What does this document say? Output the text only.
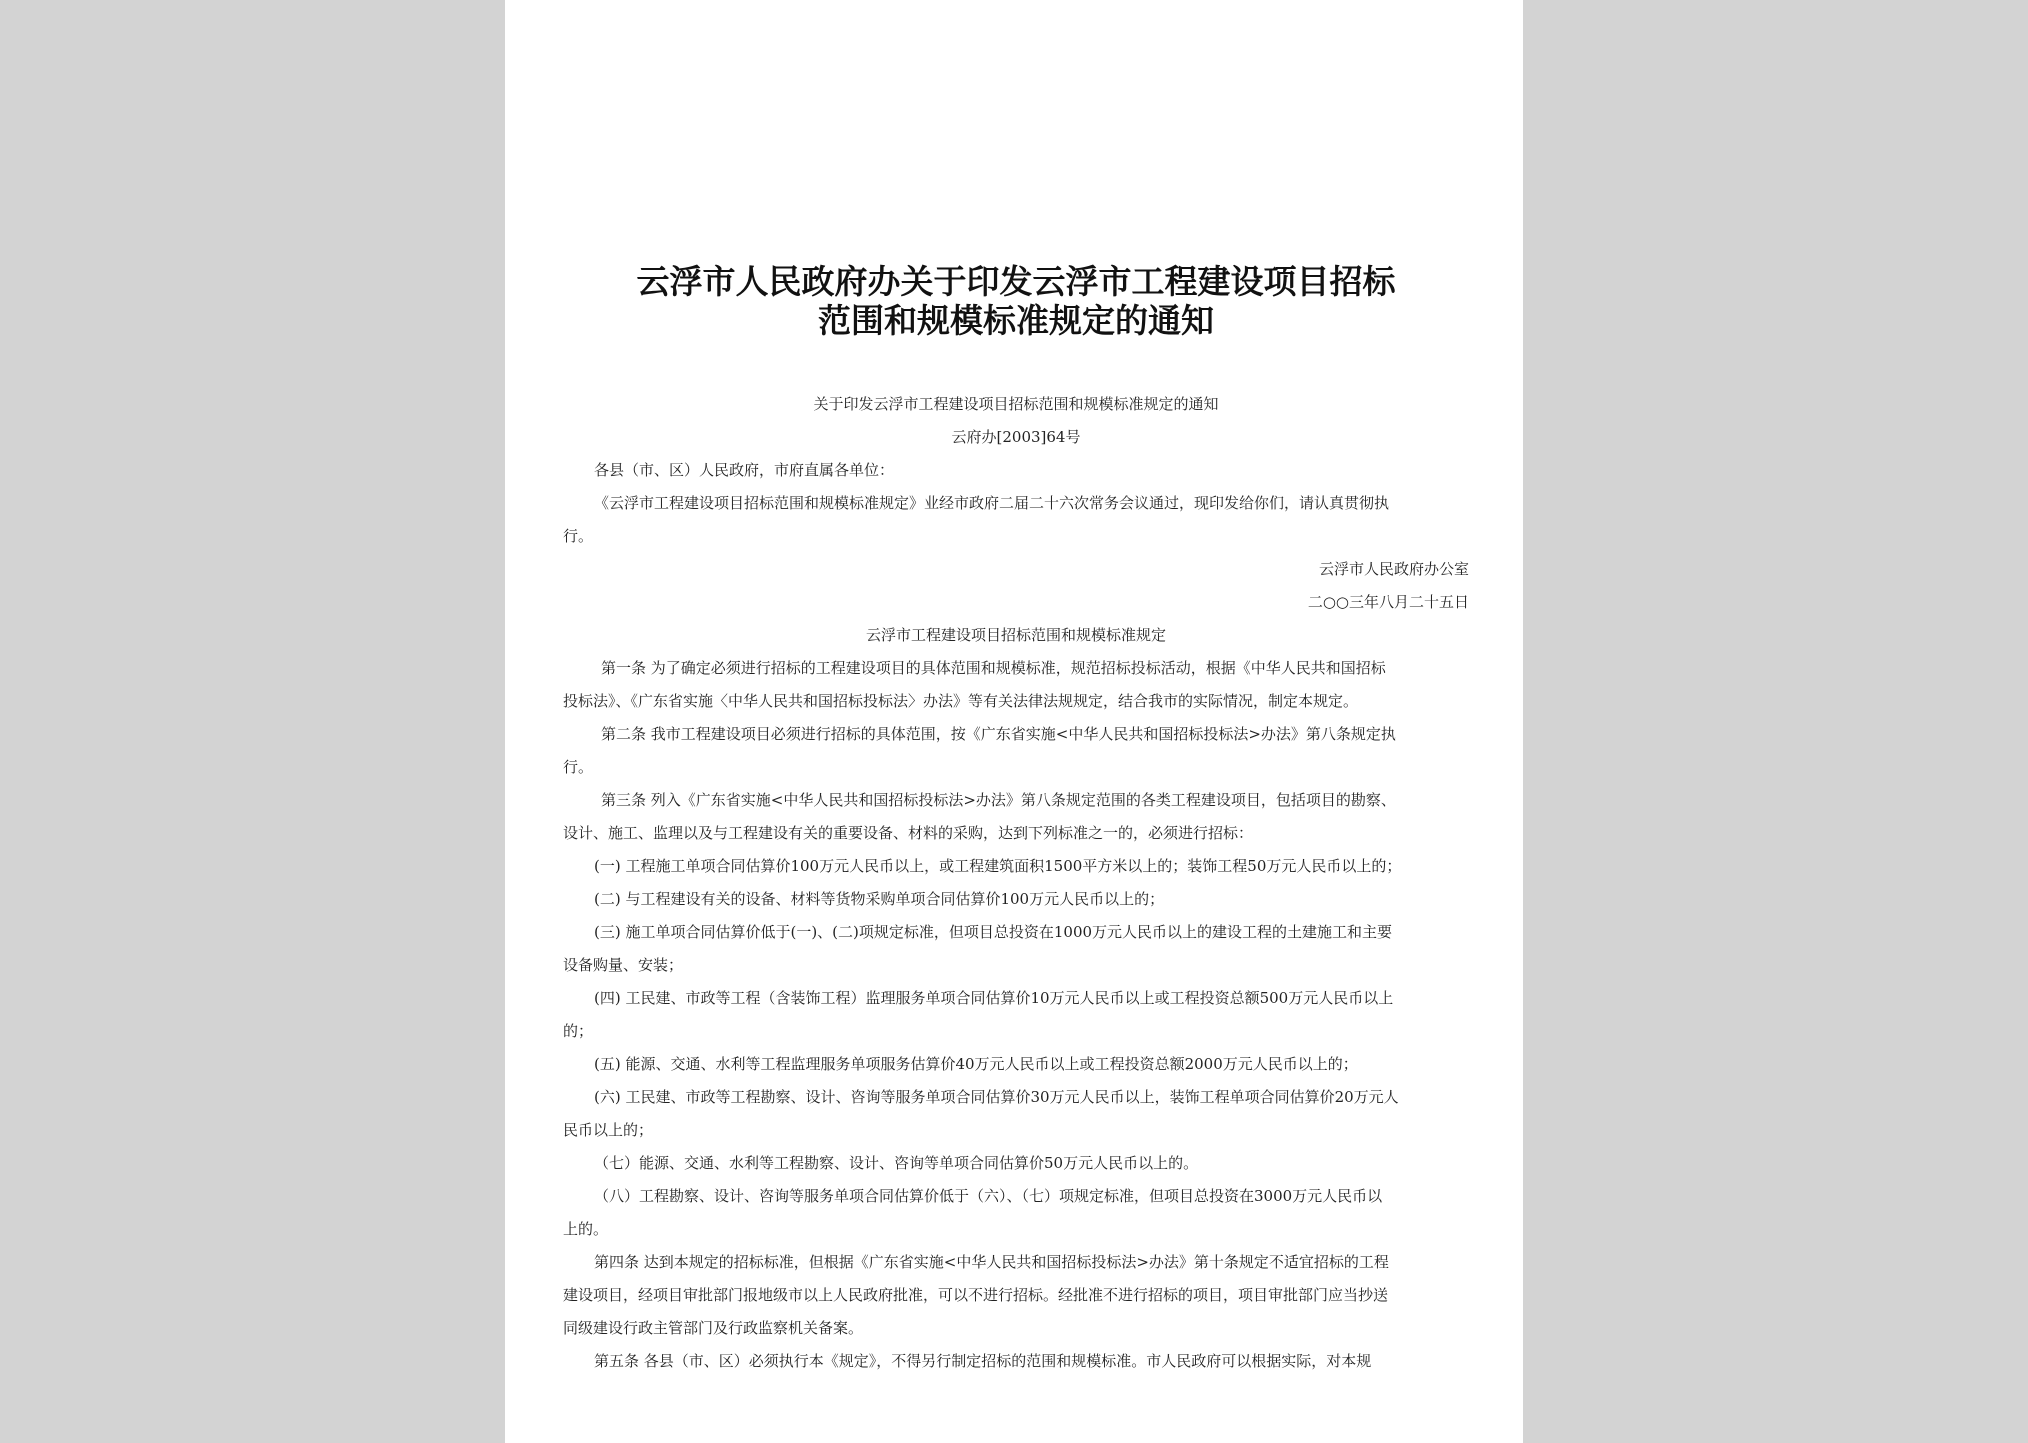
云浮市人民政府办关于印发云浮市工程建设项目招标

范围和规模标准规定的通知

关于印发云浮市工程建设项目招标范围和规模标准规定的通知

云府办[2003]64号

各县（市、区）人民政府，市府直属各单位：

《云浮市工程建设项目招标范围和规模标准规定》业经市政府二届二十六次常务会议通过，现印发给你们，请认真贯彻执

行。

云浮市人民政府办公室

二○○三年八月二十五日

云浮市工程建设项目招标范围和规模标准规定

第一条 为了确定必须进行招标的工程建设项目的具体范围和规模标准，规范招标投标活动，根据《中华人民共和国招标

投标法》、《广东省实施〈中华人民共和国招标投标法〉办法》等有关法律法规规定，结合我市的实际情况，制定本规定。

第二条 我市工程建设项目必须进行招标的具体范围，按《广东省实施<中华人民共和国招标投标法>办法》第八条规定执

行。

第三条 列入《广东省实施<中华人民共和国招标投标法>办法》第八条规定范围的各类工程建设项目，包括项目的勘察、

设计、施工、监理以及与工程建设有关的重要设备、材料的采购，达到下列标准之一的，必须进行招标：

(一) 工程施工单项合同估算价100万元人民币以上，或工程建筑面积1500平方米以上的；装饰工程50万元人民币以上的；

(二) 与工程建设有关的设备、材料等货物采购单项合同估算价100万元人民币以上的；

(三) 施工单项合同估算价低于(一)、(二)项规定标准，但项目总投资在1000万元人民币以上的建设工程的土建施工和主要

设备购量、安装；

(四) 工民建、市政等工程（含装饰工程）监理服务单项合同估算价10万元人民币以上或工程投资总额500万元人民币以上

的；

(五) 能源、交通、水利等工程监理服务单项服务估算价40万元人民币以上或工程投资总额2000万元人民币以上的；

(六) 工民建、市政等工程勘察、设计、咨询等服务单项合同估算价30万元人民币以上，装饰工程单项合同估算价20万元人

民币以上的；

（七）能源、交通、水利等工程勘察、设计、咨询等单项合同估算价50万元人民币以上的。

（八）工程勘察、设计、咨询等服务单项合同估算价低于（六）、（七）项规定标准，但项目总投资在3000万元人民币以

上的。

第四条 达到本规定的招标标准，但根据《广东省实施<中华人民共和国招标投标法>办法》第十条规定不适宜招标的工程

建设项目，经项目审批部门报地级市以上人民政府批准，可以不进行招标。经批准不进行招标的项目，项目审批部门应当抄送

同级建设行政主管部门及行政监察机关备案。

第五条 各县（市、区）必须执行本《规定》，不得另行制定招标的范围和规模标准。市人民政府可以根据实际，对本规
